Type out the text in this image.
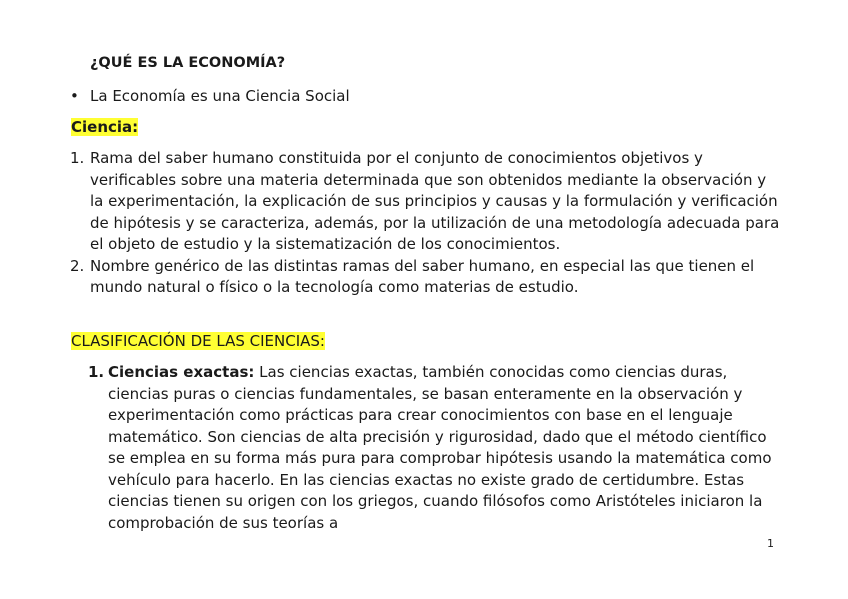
¿QUÉ ES LA ECONOMÍA?
• La Economía es una Ciencia Social
Ciencia:
1. Rama del saber humano constituida por el conjunto de conocimientos objetivos y verificables sobre una materia determinada que son obtenidos mediante la observación y la experimentación, la explicación de sus principios y causas y la formulación y verificación de hipótesis y se caracteriza, además, por la utilización de una metodología adecuada para el objeto de estudio y la sistematización de los conocimientos.
2. Nombre genérico de las distintas ramas del saber humano, en especial las que tienen el mundo natural o físico o la tecnología como materias de estudio.
CLASIFICACIÓN DE LAS CIENCIAS:
1. Ciencias exactas: Las ciencias exactas, también conocidas como ciencias duras, ciencias puras o ciencias fundamentales, se basan enteramente en la observación y experimentación como prácticas para crear conocimientos con base en el lenguaje matemático. Son ciencias de alta precisión y rigurosidad, dado que el método científico se emplea en su forma más pura para comprobar hipótesis usando la matemática como vehículo para hacerlo. En las ciencias exactas no existe grado de certidumbre. Estas ciencias tienen su origen con los griegos, cuando filósofos como Aristóteles iniciaron la comprobación de sus teorías a
1
